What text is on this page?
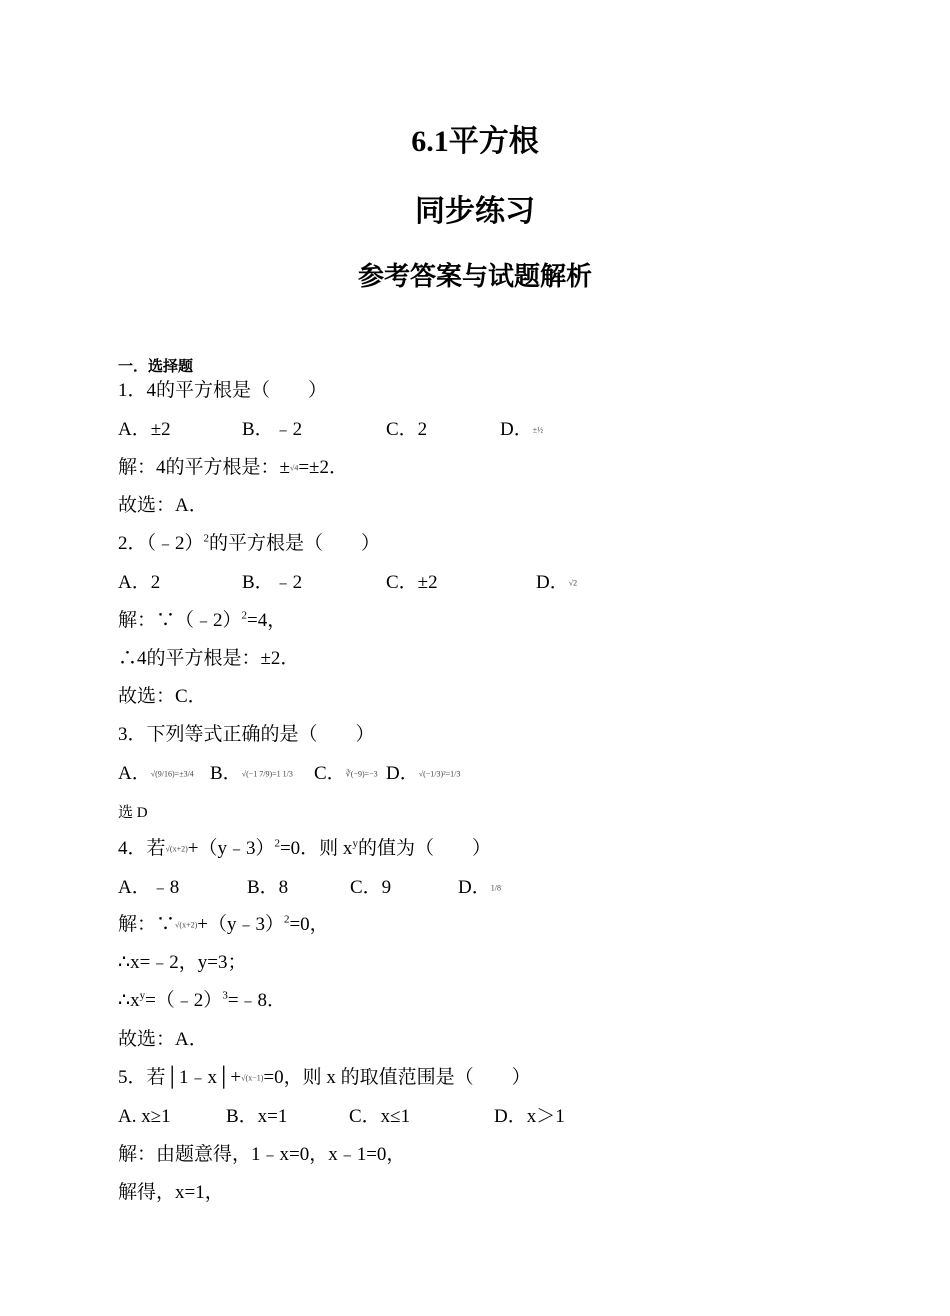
6.1平方根
同步练习
参考答案与试题解析
一．选择题
1．4的平方根是（　　）
A．±2	B．﹣2	C．2	D．±½
解：4的平方根是：±√4=±2．
故选：A．
2．（﹣2）$^2$的平方根是（　　）
A．2	B．﹣2	C．±2	D．√2
解：∵（﹣2）$^2$=4，
∴4的平方根是：±2．
故选：C．
3．下列等式正确的是（　　）
A．√(9/16)=±3/4 B．√(−1 7/9)=1 1/3 C．∛(−9)=−3 D．√(−1/3)²=1/3
选 D
4．若√(x+2)+（y﹣3）$^2$=0．则 $x^y$的值为（　　）
A．﹣8	B．8	C．9	D．1/8
解：∵√(x+2)+（y﹣3）$^2$=0，
∴x=﹣2，y=3；
$\therefore x^y=(﹣2)^3=﹣8$．
故选：A．
5．若│1﹣x│+√(x−1)=0，则 x 的取值范围是（　　）
A. x≥1	B．x=1	C．x≤1	D．x＞1
解：由题意得，1﹣x=0，x﹣1=0，
解得，x=1，
